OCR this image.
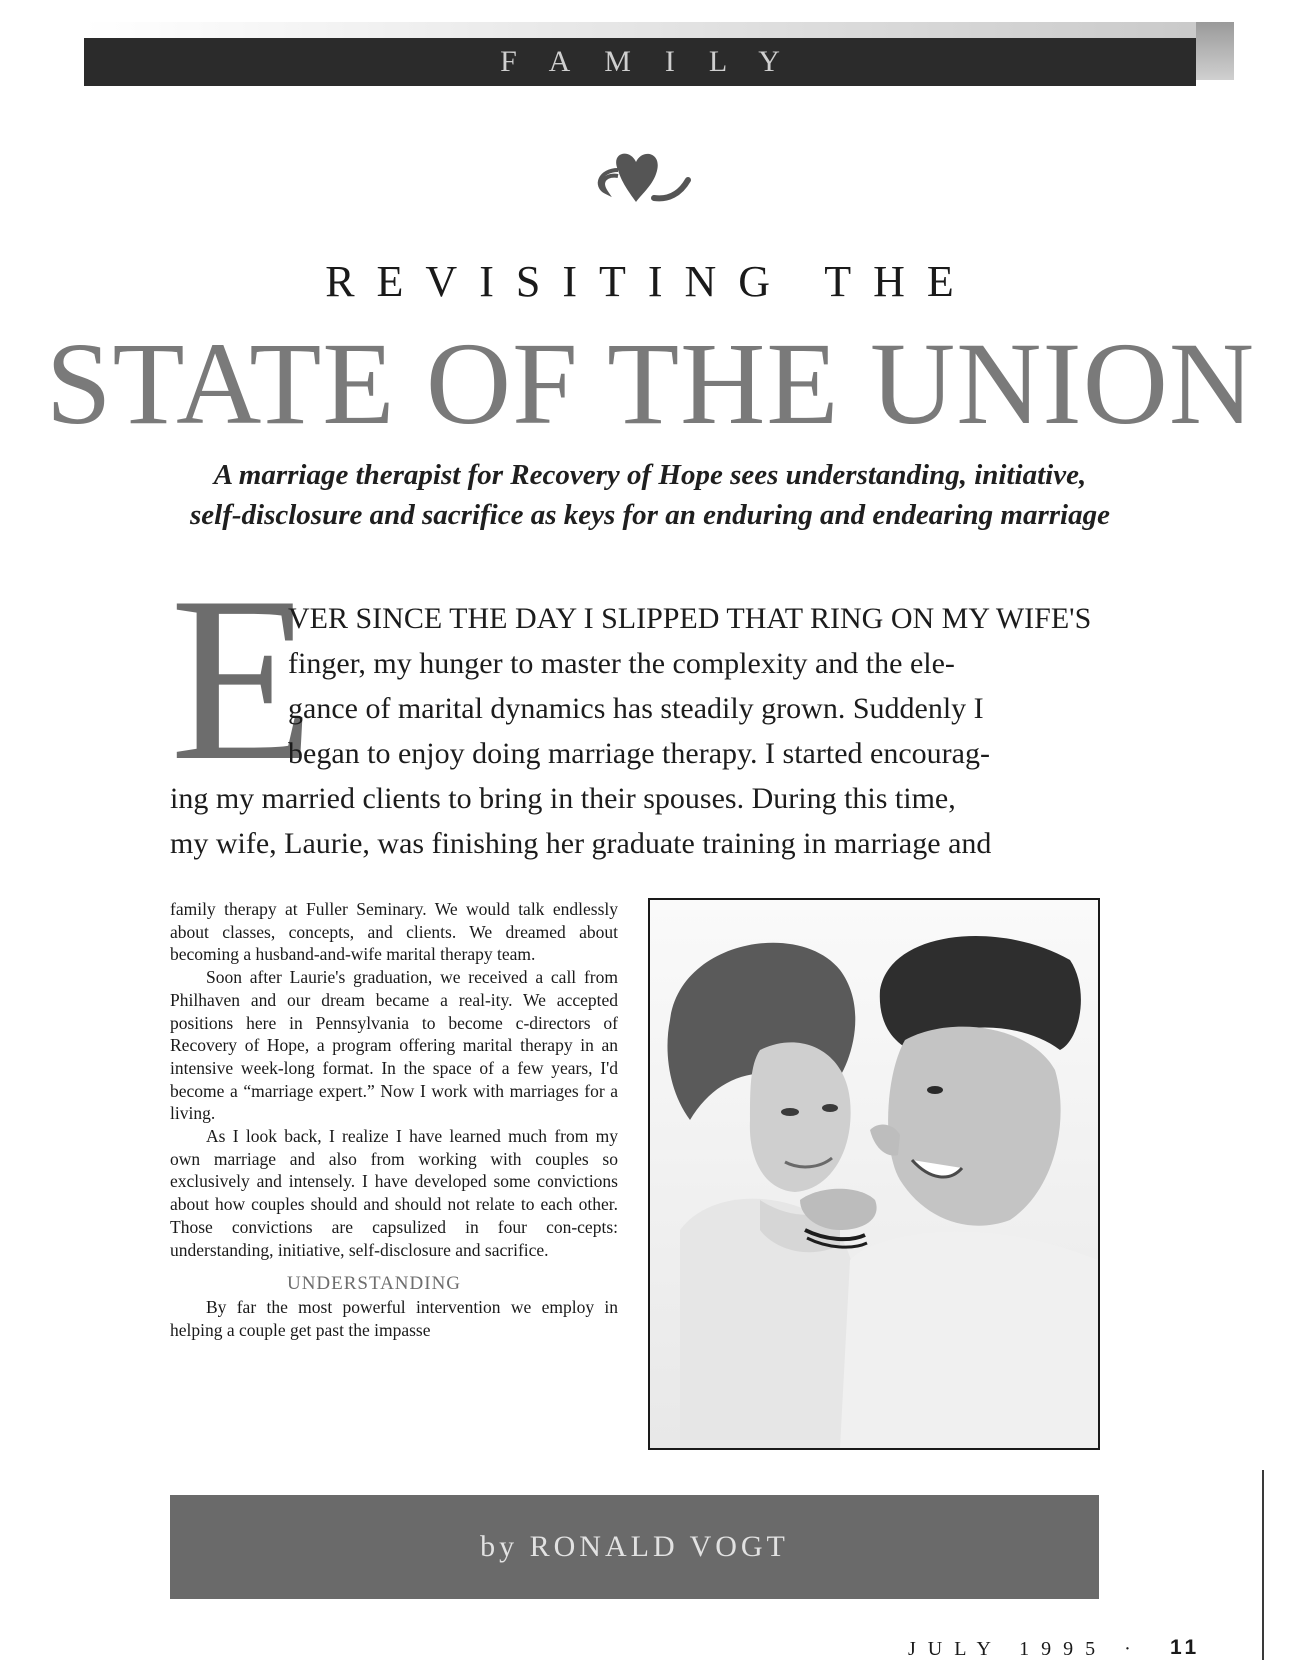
FAMILY
REVISITING THE
STATE OF THE UNION
A marriage therapist for Recovery of Hope sees understanding, initiative,
self-disclosure and sacrifice as keys for an enduring and endearing marriage
E
VER SINCE THE DAY I SLIPPED THAT RING ON MY WIFE'S
finger, my hunger to master the complexity and the ele-
gance of marital dynamics has steadily grown. Suddenly I
began to enjoy doing marriage therapy. I started encourag-
ing my married clients to bring in their spouses. During this time,
my wife, Laurie, was finishing her graduate training in marriage and

family therapy at Fuller Seminary. We would talk endlessly about classes, concepts, and clients. We dreamed about becoming a husband-and-wife marital therapy team.

Soon after Laurie's graduation, we received a call from Philhaven and our dream became a real-ity. We accepted positions here in Pennsylvania to become c-directors of Recovery of Hope, a program offering marital therapy in an intensive week-long format. In the space of a few years, I'd become a “marriage expert.” Now I work with marriages for a living.

As I look back, I realize I have learned much from my own marriage and also from working with couples so exclusively and intensely. I have developed some convictions about how couples should and should not relate to each other. Those convictions are capsulized in four con-cepts: understanding, initiative, self-disclosure and sacrifice.

UNDERSTANDING

By far the most powerful intervention we employ in helping a couple get past the impasse

by RONALD VOGT
JULY 1995 · 11
